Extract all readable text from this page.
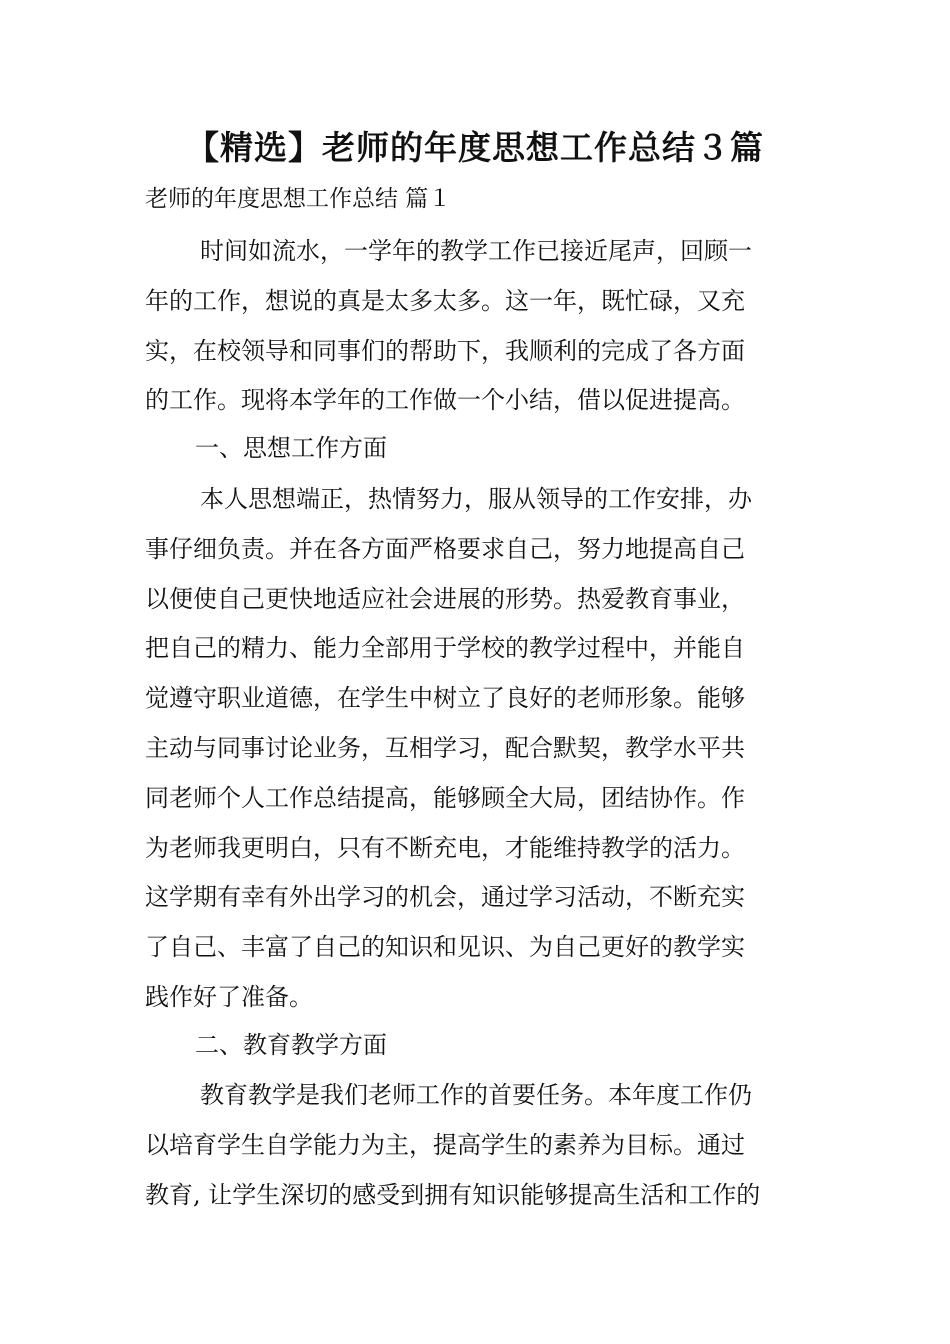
【精选】老师的年度思想工作总结３篇
老师的年度思想工作总结 篇１
时间如流水，一学年的教学工作已接近尾声，回顾一
年的工作，想说的真是太多太多。这一年，既忙碌，又充
实，在校领导和同事们的帮助下，我顺利的完成了各方面
的工作。现将本学年的工作做一个小结，借以促进提高。
一、思想工作方面
本人思想端正，热情努力，服从领导的工作安排，办
事仔细负责。并在各方面严格要求自己，努力地提高自己
以便使自己更快地适应社会进展的形势。热爱教育事业，
把自己的精力、能力全部用于学校的教学过程中，并能自
觉遵守职业道德，在学生中树立了良好的老师形象。能够
主动与同事讨论业务，互相学习，配合默契，教学水平共
同老师个人工作总结提高，能够顾全大局，团结协作。作
为老师我更明白，只有不断充电，才能维持教学的活力。
这学期有幸有外出学习的机会，通过学习活动，不断充实
了自己、丰富了自己的知识和见识、为自己更好的教学实
践作好了准备。
二、教育教学方面
教育教学是我们老师工作的首要任务。本年度工作仍
以培育学生自学能力为主，提高学生的素养为目标。通过
教育, 让学生深切的感受到拥有知识能够提高生活和工作的
